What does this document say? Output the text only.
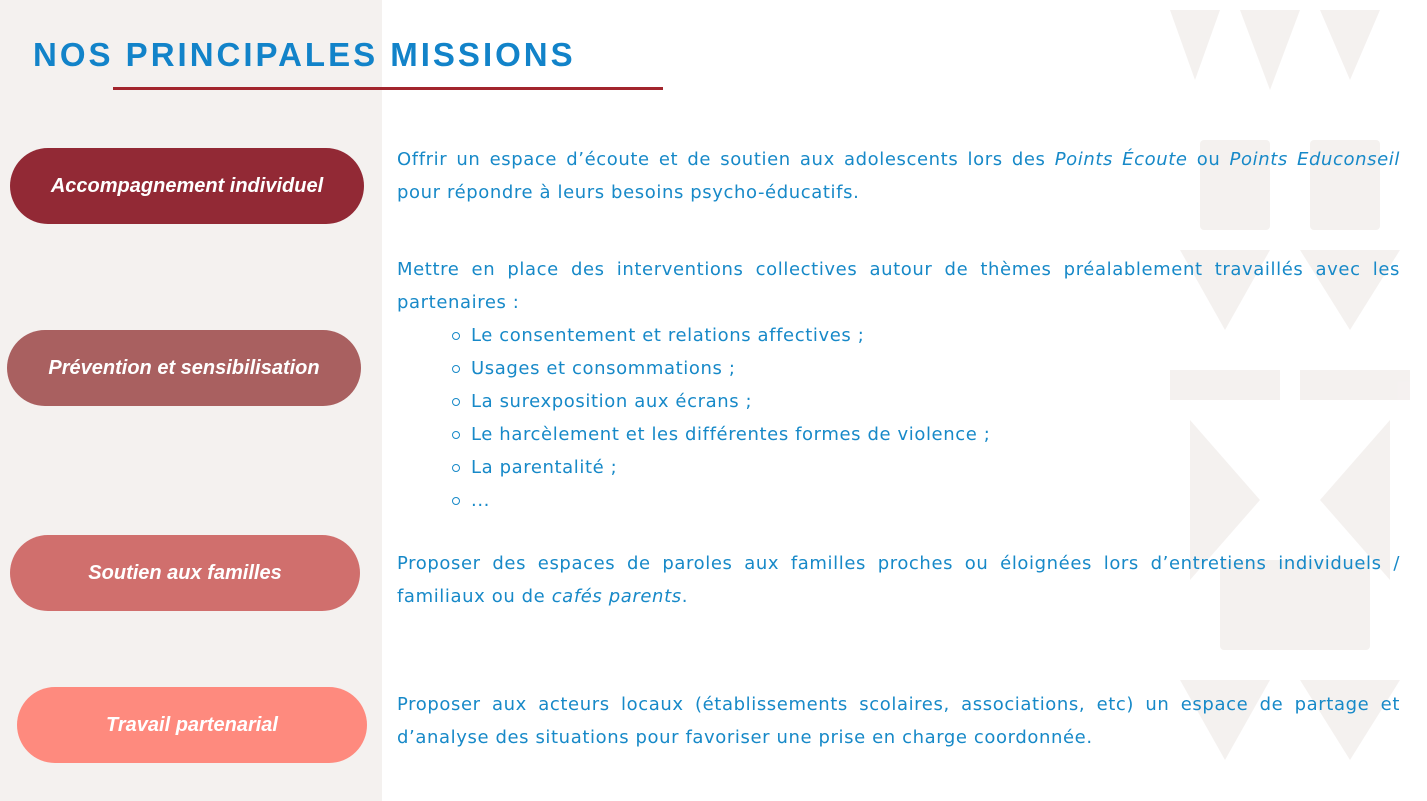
NOS PRINCIPALES MISSIONS
Accompagnement individuel
Prévention et sensibilisation
Soutien aux familles
Travail partenarial

Offrir un espace d’écoute et de soutien aux adolescents lors des Points Écoute ou Points Educonseil pour répondre à leurs besoins psycho-éducatifs.

Mettre en place des interventions collectives autour de thèmes préalablement travaillés avec les partenaires :

Le consentement et relations affectives ;
Usages et consommations ;
La surexposition aux écrans ;
Le harcèlement et les différentes formes de violence ;
La parentalité ;
...

Proposer des espaces de paroles aux familles proches ou éloignées lors d’entretiens individuels / familiaux ou de cafés parents.

Proposer aux acteurs locaux (établissements scolaires, associations, etc) un espace de partage et d’analyse des situations pour favoriser une prise en charge coordonnée.
